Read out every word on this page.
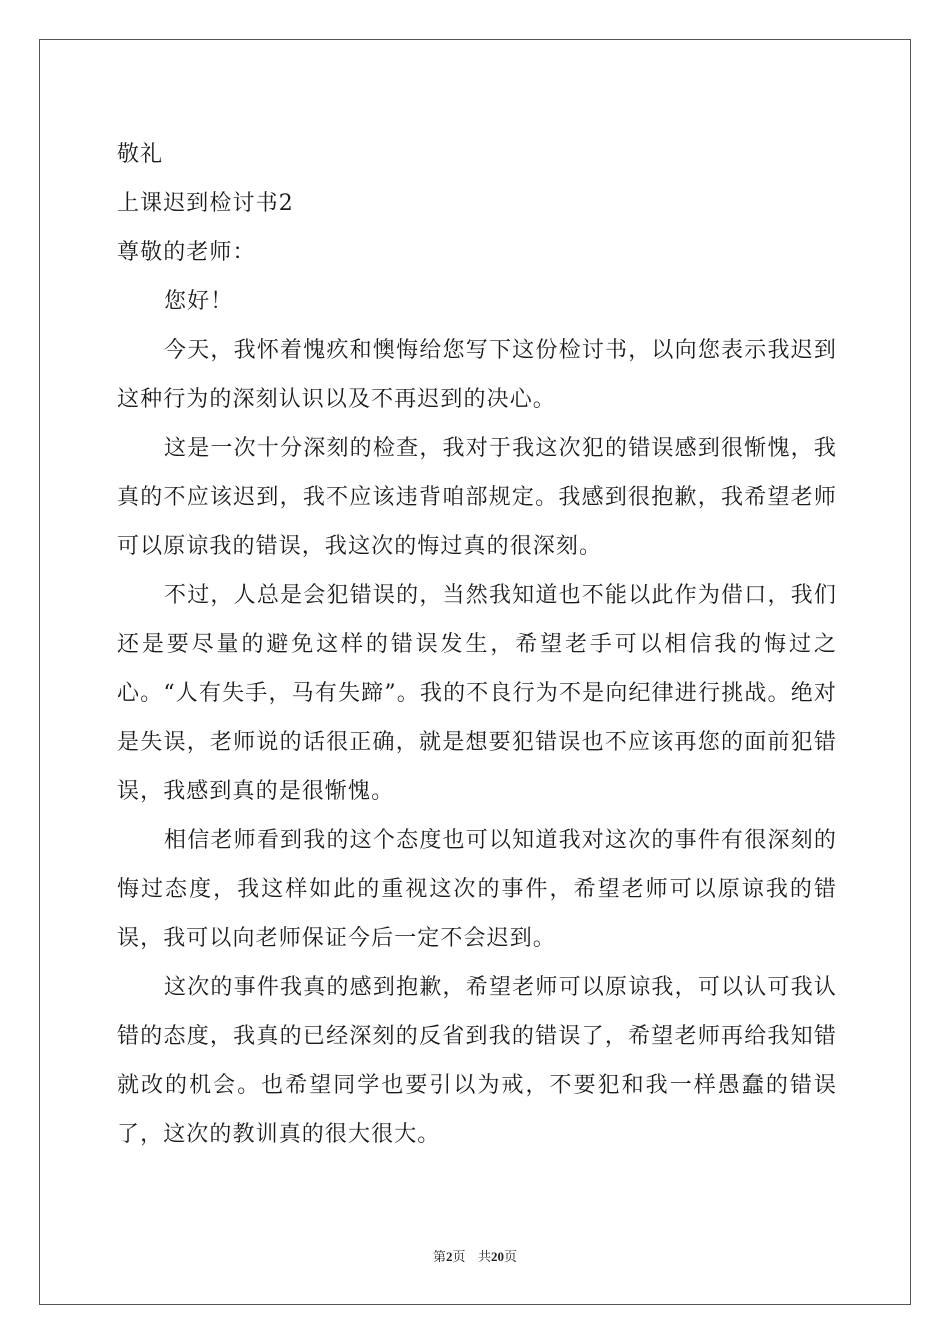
敬礼

上课迟到检讨书2

尊敬的老师：

您好！

今天，我怀着愧疚和懊悔给您写下这份检讨书，以向您表示我迟到这种行为的深刻认识以及不再迟到的决心。

这是一次十分深刻的检查，我对于我这次犯的错误感到很惭愧，我真的不应该迟到，我不应该违背咱部规定。我感到很抱歉，我希望老师可以原谅我的错误，我这次的悔过真的很深刻。

不过，人总是会犯错误的，当然我知道也不能以此作为借口，我们还是要尽量的避免这样的错误发生，希望老手可以相信我的悔过之心。“人有失手，马有失蹄”。我的不良行为不是向纪律进行挑战。绝对是失误，老师说的话很正确，就是想要犯错误也不应该再您的面前犯错误，我感到真的是很惭愧。

相信老师看到我的这个态度也可以知道我对这次的事件有很深刻的悔过态度，我这样如此的重视这次的事件，希望老师可以原谅我的错误，我可以向老师保证今后一定不会迟到。

这次的事件我真的感到抱歉，希望老师可以原谅我，可以认可我认错的态度，我真的已经深刻的反省到我的错误了，希望老师再给我知错就改的机会。也希望同学也要引以为戒，不要犯和我一样愚蠢的错误了，这次的教训真的很大很大。

第2页 共20页
